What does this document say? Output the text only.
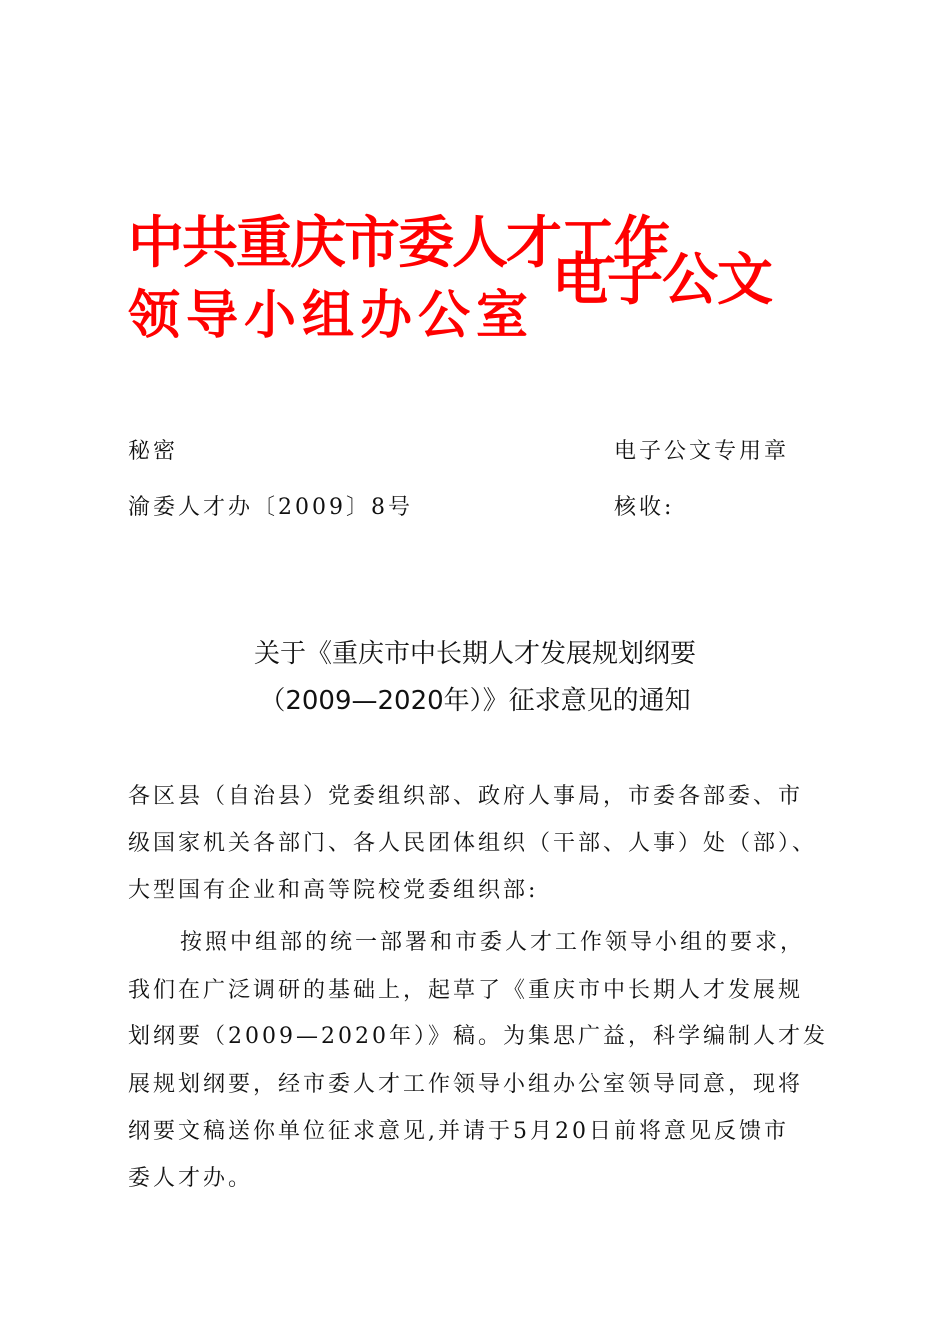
中共重庆市委人才工作
领导小组办公室
电子公文
秘密	电子公文专用章
渝委人才办〔2009〕8号	核收:
关于《重庆市中长期人才发展规划纲要
（2009—2020年）》征求意见的通知
各区县（自治县）党委组织部、政府人事局，市委各部委、市
级国家机关各部门、各人民团体组织（干部、人事）处（部）、
大型国有企业和高等院校党委组织部:
按照中组部的统一部署和市委人才工作领导小组的要求，
我们在广泛调研的基础上，起草了《重庆市中长期人才发展规
划纲要（2009—2020年）》稿。为集思广益，科学编制人才发
展规划纲要，经市委人才工作领导小组办公室领导同意，现将
纲要文稿送你单位征求意见,并请于5月20日前将意见反馈市
委人才办。
